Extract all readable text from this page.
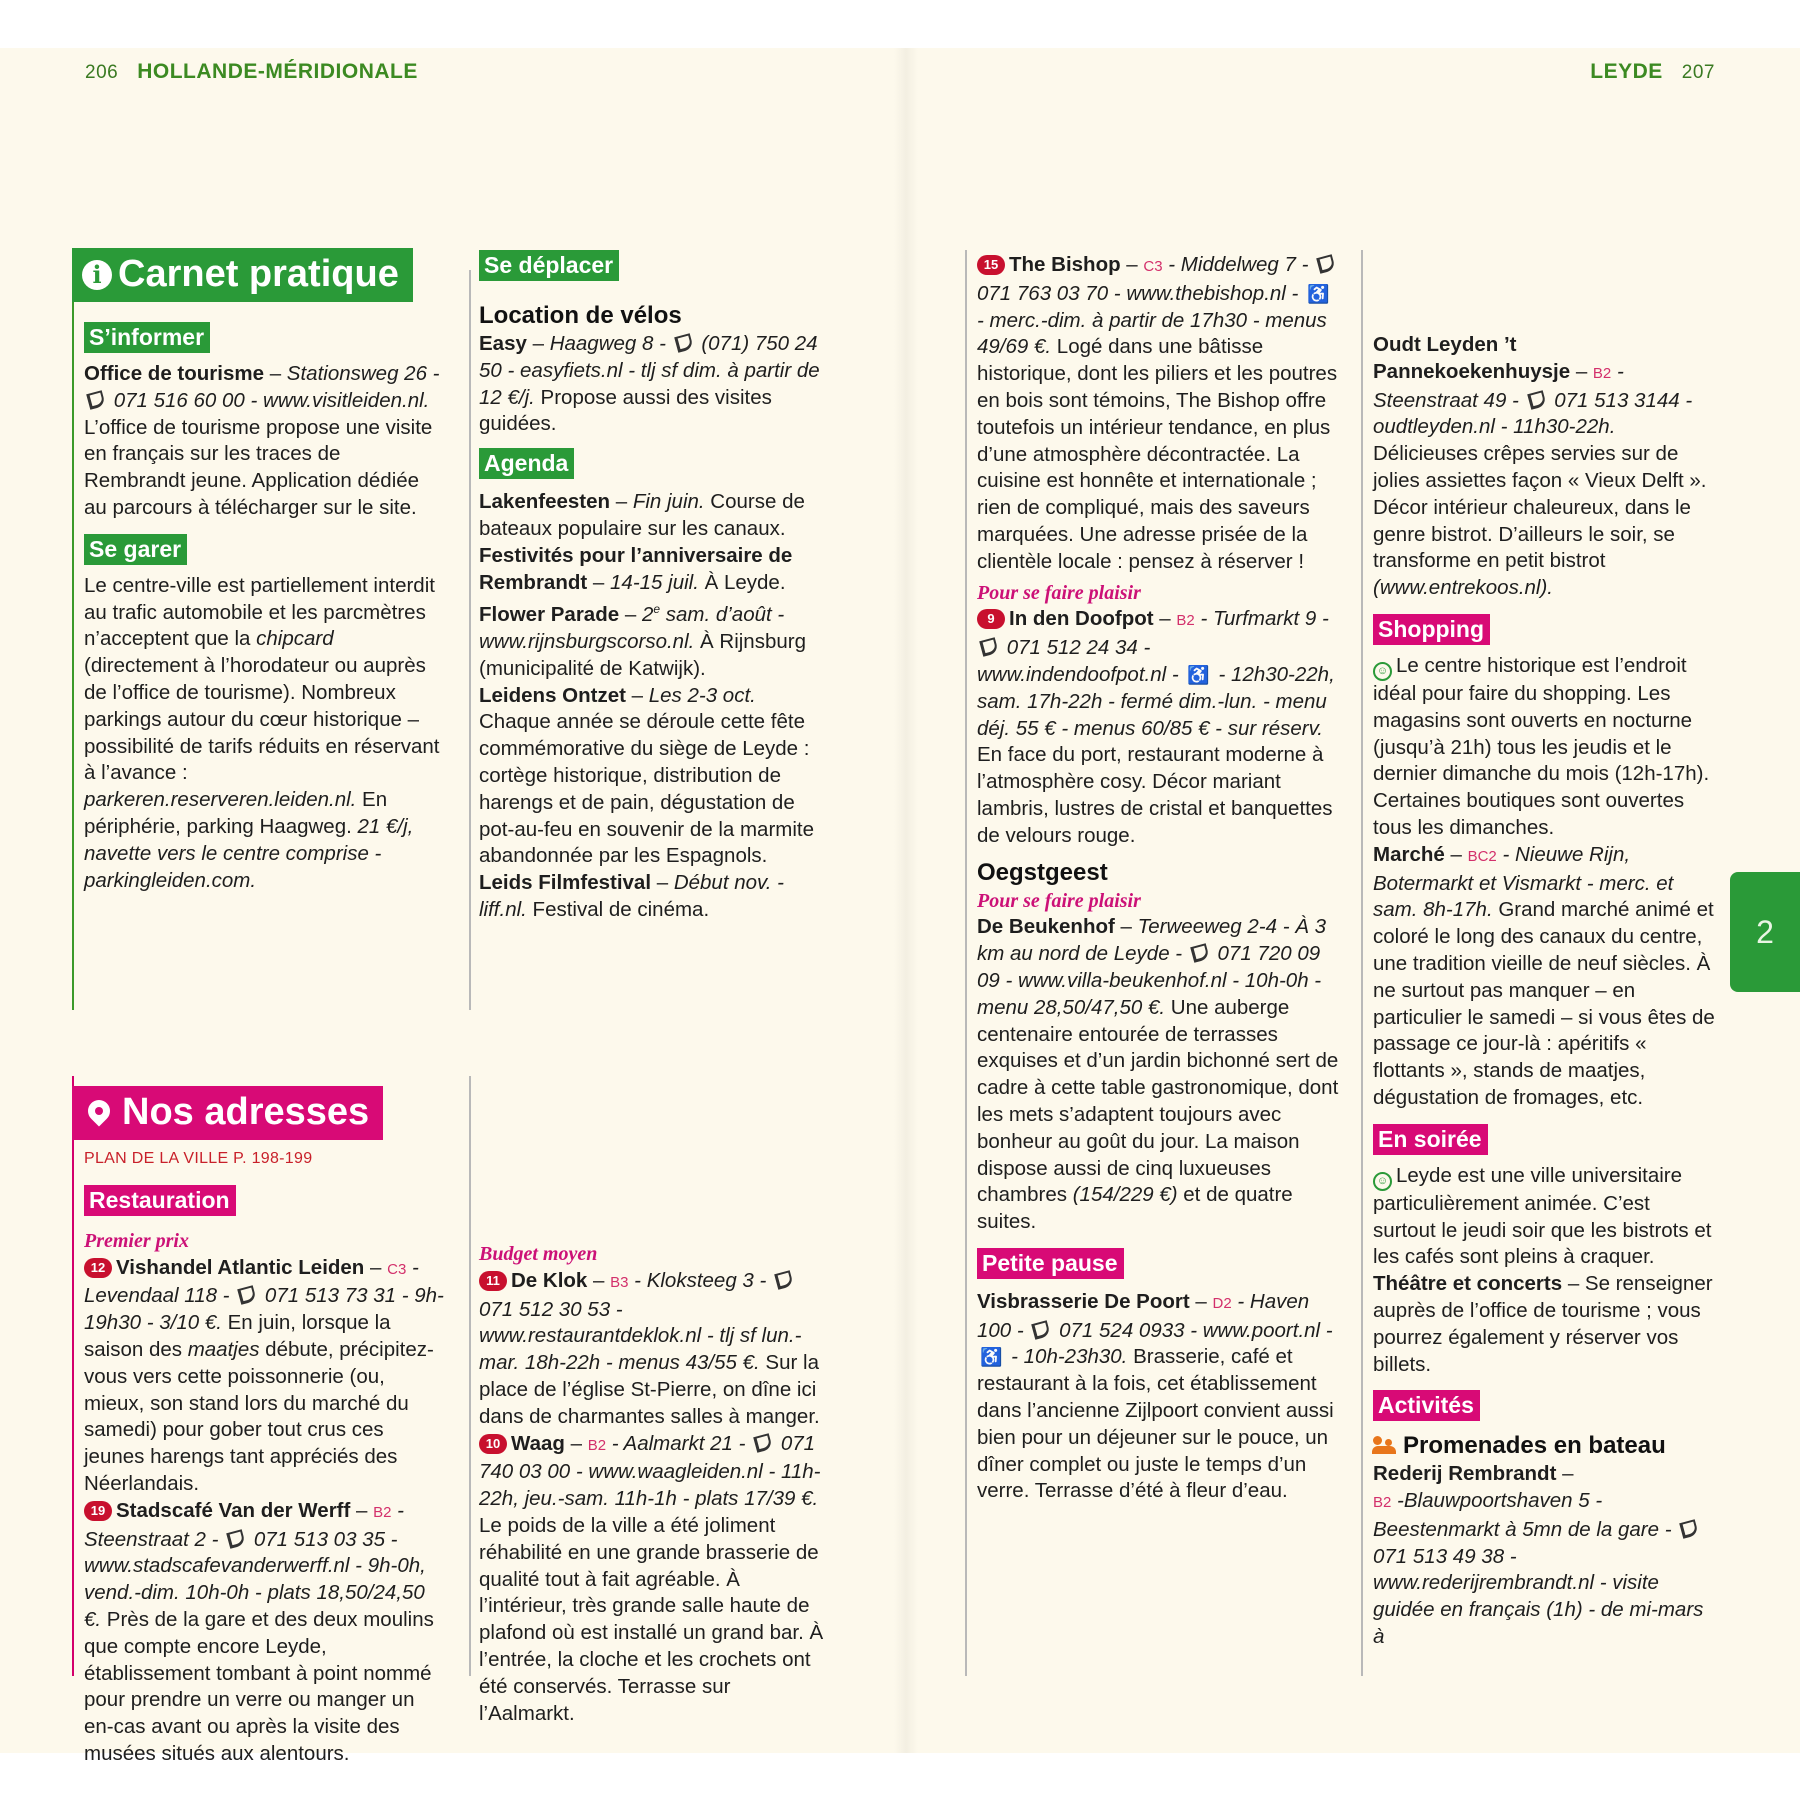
206 HOLLANDE-MÉRIDIONALE	LEYDE 207
2
i Carnet pratique
S’informer

Office de tourisme – Stationsweg 26 -  071 516 60 00 - www.visitleiden.nl. L’office de tourisme propose une visite en français sur les traces de Rembrandt jeune. Application dédiée au parcours à télécharger sur le site.

Se garer

Le centre-ville est partiellement interdit au trafic automobile et les parcmètres n’acceptent que la chipcard (directement à l’horodateur ou auprès de l’office de tourisme). Nombreux parkings autour du cœur historique – possibilité de tarifs réduits en réservant à l’avance : parkeren.reserveren.leiden.nl. En périphérie, parking Haagweg. 21 €/j, navette vers le centre comprise - parkingleiden.com.

Se déplacer
Location de vélos

Easy – Haagweg 8 -  (071) 750 24 50 - easyfiets.nl - tlj sf dim. à partir de 12 €/j. Propose aussi des visites guidées.

Agenda

Lakenfeesten – Fin juin. Course de bateaux populaire sur les canaux.

Festivités pour l’anniversaire de Rembrandt – 14-15 juil. À Leyde.

Flower Parade – 2e sam. d’août - www.rijnsburgscorso.nl. À Rijnsburg (municipalité de Katwijk).

Leidens Ontzet – Les 2-3 oct. Chaque année se déroule cette fête commémorative du siège de Leyde : cortège historique, distribution de harengs et de pain, dégustation de pot-au-feu en souvenir de la marmite abandonnée par les Espagnols.

Leids Filmfestival – Début nov. - liff.nl. Festival de cinéma.

Nos adresses
PLAN DE LA VILLE P. 198-199
Restauration
Premier prix

12 Vishandel Atlantic Leiden – C3 - Levendaal 118 -  071 513 73 31 - 9h-19h30 - 3/10 €. En juin, lorsque la saison des maatjes débute, précipitez-vous vers cette poissonnerie (ou, mieux, son stand lors du marché du samedi) pour gober tout crus ces jeunes harengs tant appréciés des Néerlandais.

19 Stadscafé Van der Werff – B2 - Steenstraat 2 -  071 513 03 35 - www.stadscafevanderwerff.nl - 9h-0h, vend.-dim. 10h-0h - plats 18,50/24,50 €. Près de la gare et des deux moulins que compte encore Leyde, établissement tombant à point nommé pour prendre un verre ou manger un en-cas avant ou après la visite des musées situés aux alentours.

Budget moyen

11 De Klok – B3 - Kloksteeg 3 -  071 512 30 53 - www.restaurantdeklok.nl - tlj sf lun.-mar. 18h-22h - menus 43/55 €. Sur la place de l’église St-Pierre, on dîne ici dans de charmantes salles à manger.

10 Waag – B2 - Aalmarkt 21 -  071 740 03 00 - www.waagleiden.nl - 11h-22h, jeu.-sam. 11h-1h - plats 17/39 €. Le poids de la ville a été joliment réhabilité en une grande brasserie de qualité tout à fait agréable. À l’intérieur, très grande salle haute de plafond où est installé un grand bar. À l’entrée, la cloche et les crochets ont été conservés. Terrasse sur l’Aalmarkt.

15 The Bishop – C3 - Middelweg 7 -  071 763 03 70 - www.thebishop.nl - ♿ - merc.-dim. à partir de 17h30 - menus 49/69 €. Logé dans une bâtisse historique, dont les piliers et les poutres en bois sont témoins, The Bishop offre toutefois un intérieur tendance, en plus d’une atmosphère décontractée. La cuisine est honnête et internationale ; rien de compliqué, mais des saveurs marquées. Une adresse prisée de la clientèle locale : pensez à réserver !

Pour se faire plaisir

9 In den Doofpot – B2 - Turfmarkt 9 -  071 512 24 34 - www.indendoofpot.nl - ♿ - 12h30-22h, sam. 17h-22h - fermé dim.-lun. - menu déj. 55 € - menus 60/85 € - sur réserv. En face du port, restaurant moderne à l’atmosphère cosy. Décor mariant lambris, lustres de cristal et banquettes de velours rouge.

Oegstgeest
Pour se faire plaisir

De Beukenhof – Terweeweg 2-4 - À 3 km au nord de Leyde -  071 720 09 09 - www.villa-beukenhof.nl - 10h-0h - menu 28,50/47,50 €. Une auberge centenaire entourée de terrasses exquises et d’un jardin bichonné sert de cadre à cette table gastronomique, dont les mets s’adaptent toujours avec bonheur au goût du jour. La maison dispose aussi de cinq luxueuses chambres (154/229 €) et de quatre suites.

Petite pause

Visbrasserie De Poort – D2 - Haven 100 -  071 524 0933 - www.poort.nl - ♿ - 10h-23h30. Brasserie, café et restaurant à la fois, cet établissement dans l’ancienne Zijlpoort convient aussi bien pour un déjeuner sur le pouce, un dîner complet ou juste le temps d’un verre. Terrasse d’été à fleur d’eau.

Oudt Leyden ’t Pannekoekenhuysje – B2 - Steenstraat 49 -  071 513 3144 - oudtleyden.nl - 11h30-22h. Délicieuses crêpes servies sur de jolies assiettes façon « Vieux Delft ». Décor intérieur chaleureux, dans le genre bistrot. D’ailleurs le soir, se transforme en petit bistrot (www.entrekoos.nl).

Shopping

☺ Le centre historique est l’endroit idéal pour faire du shopping. Les magasins sont ouverts en nocturne (jusqu’à 21h) tous les jeudis et le dernier dimanche du mois (12h-17h). Certaines boutiques sont ouvertes tous les dimanches.

Marché – BC2 - Nieuwe Rijn, Botermarkt et Vismarkt - merc. et sam. 8h-17h. Grand marché animé et coloré le long des canaux du centre, une tradition vieille de neuf siècles. À ne surtout pas manquer – en particulier le samedi – si vous êtes de passage ce jour-là : apéritifs « flottants », stands de maatjes, dégustation de fromages, etc.

En soirée

☺ Leyde est une ville universitaire particulièrement animée. C’est surtout le jeudi soir que les bistrots et les cafés sont pleins à craquer.

Théâtre et concerts – Se renseigner auprès de l’office de tourisme ; vous pourrez également y réserver vos billets.

Activités
Promenades en bateau

Rederij Rembrandt –
B2 -Blauwpoortshaven 5 - Beestenmarkt à 5mn de la gare -  071 513 49 38 - www.rederijrembrandt.nl - visite guidée en français (1h) - de mi-mars à
